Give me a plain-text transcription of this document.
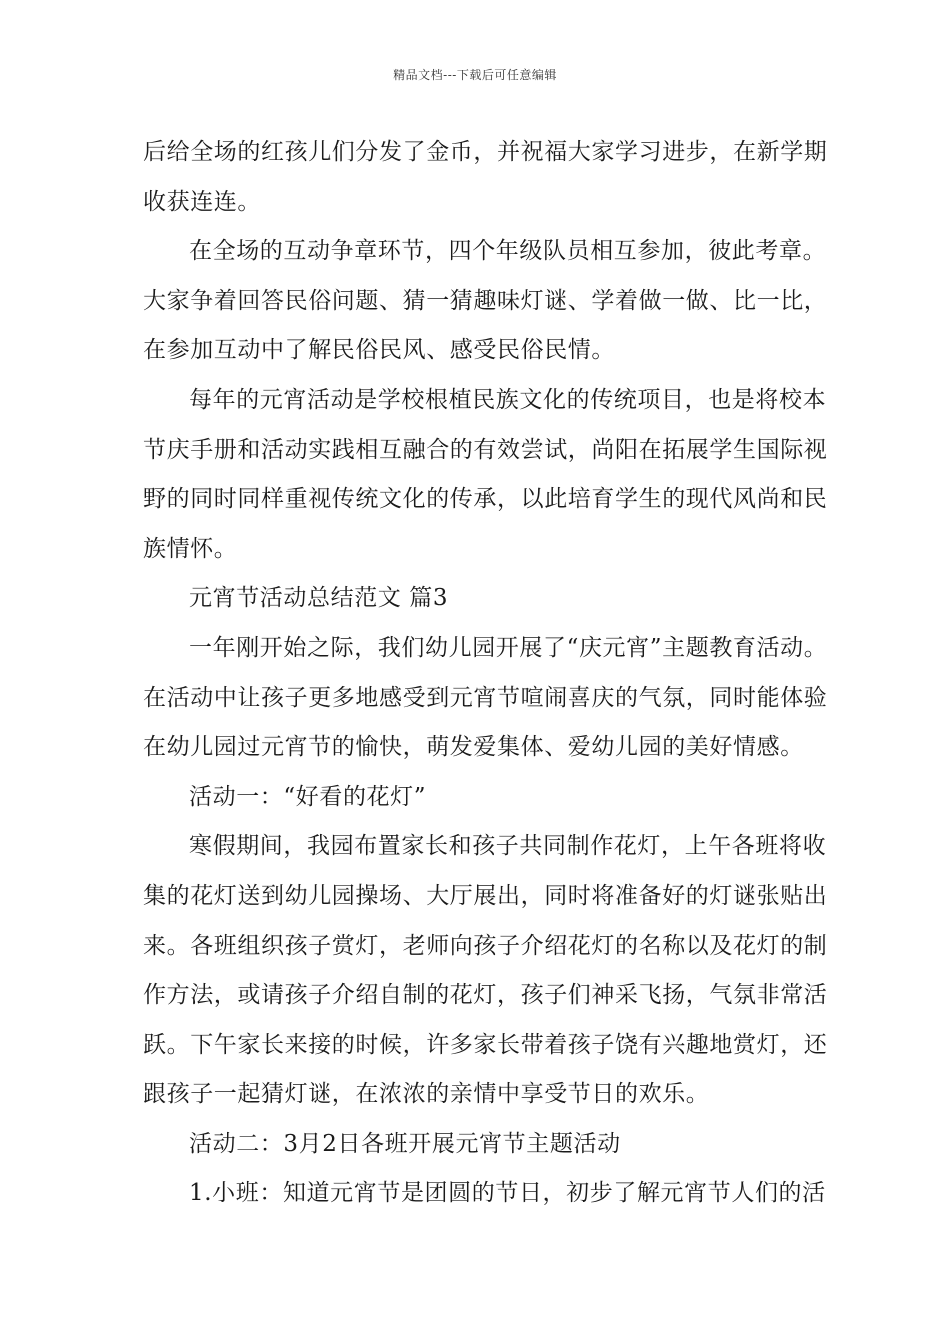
精品文档---下载后可任意编辑
后给全场的红孩儿们分发了金币，并祝福大家学习进步，在新学期
收获连连。
在全场的互动争章环节，四个年级队员相互参加，彼此考章。
大家争着回答民俗问题、猜一猜趣味灯谜、学着做一做、比一比，
在参加互动中了解民俗民风、感受民俗民情。
每年的元宵活动是学校根植民族文化的传统项目，也是将校本
节庆手册和活动实践相互融合的有效尝试，尚阳在拓展学生国际视
野的同时同样重视传统文化的传承，以此培育学生的现代风尚和民
族情怀。
元宵节活动总结范文 篇3
一年刚开始之际，我们幼儿园开展了“庆元宵”主题教育活动。
在活动中让孩子更多地感受到元宵节喧闹喜庆的气氛，同时能体验
在幼儿园过元宵节的愉快，萌发爱集体、爱幼儿园的美好情感。
活动一：“好看的花灯”
寒假期间，我园布置家长和孩子共同制作花灯，上午各班将收
集的花灯送到幼儿园操场、大厅展出，同时将准备好的灯谜张贴出
来。各班组织孩子赏灯，老师向孩子介绍花灯的名称以及花灯的制
作方法，或请孩子介绍自制的花灯，孩子们神采飞扬，气氛非常活
跃。下午家长来接的时候，许多家长带着孩子饶有兴趣地赏灯，还
跟孩子一起猜灯谜，在浓浓的亲情中享受节日的欢乐。
活动二：3月2日各班开展元宵节主题活动
1.小班：知道元宵节是团圆的节日，初步了解元宵节人们的活
